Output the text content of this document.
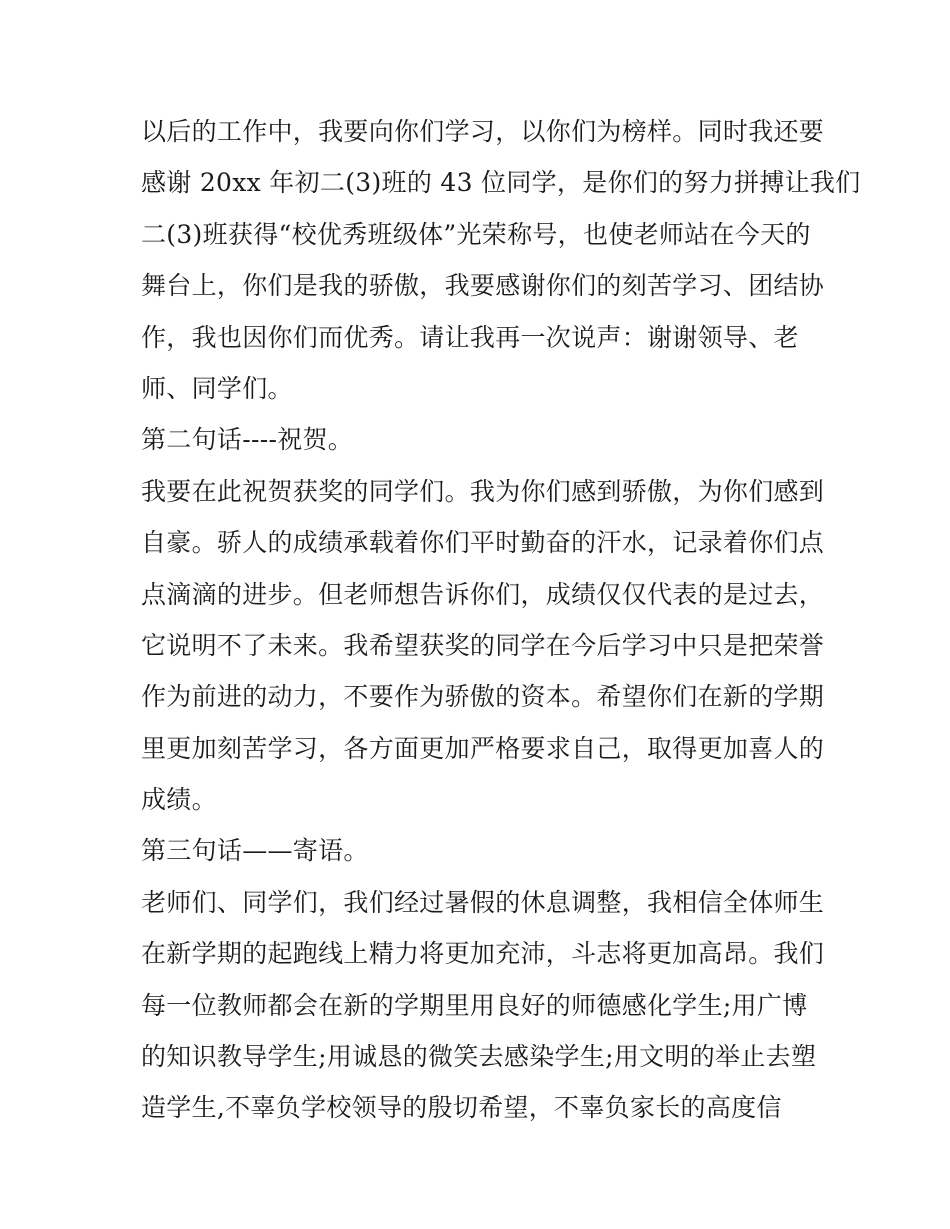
以后的工作中，我要向你们学习，以你们为榜样。同时我还要
感谢 20xx 年初二(3)班的 43 位同学，是你们的努力拼搏让我们
二(3)班获得“校优秀班级体”光荣称号，也使老师站在今天的
舞台上，你们是我的骄傲，我要感谢你们的刻苦学习、团结协
作，我也因你们而优秀。请让我再一次说声：谢谢领导、老
师、同学们。
第二句话----祝贺。
我要在此祝贺获奖的同学们。我为你们感到骄傲，为你们感到
自豪。骄人的成绩承载着你们平时勤奋的汗水，记录着你们点
点滴滴的进步。但老师想告诉你们，成绩仅仅代表的是过去，
它说明不了未来。我希望获奖的同学在今后学习中只是把荣誉
作为前进的动力，不要作为骄傲的资本。希望你们在新的学期
里更加刻苦学习，各方面更加严格要求自己，取得更加喜人的
成绩。
第三句话——寄语。
老师们、同学们，我们经过暑假的休息调整，我相信全体师生
在新学期的起跑线上精力将更加充沛，斗志将更加高昂。我们
每一位教师都会在新的学期里用良好的师德感化学生;用广博
的知识教导学生;用诚恳的微笑去感染学生;用文明的举止去塑
造学生,不辜负学校领导的殷切希望，不辜负家长的高度信
